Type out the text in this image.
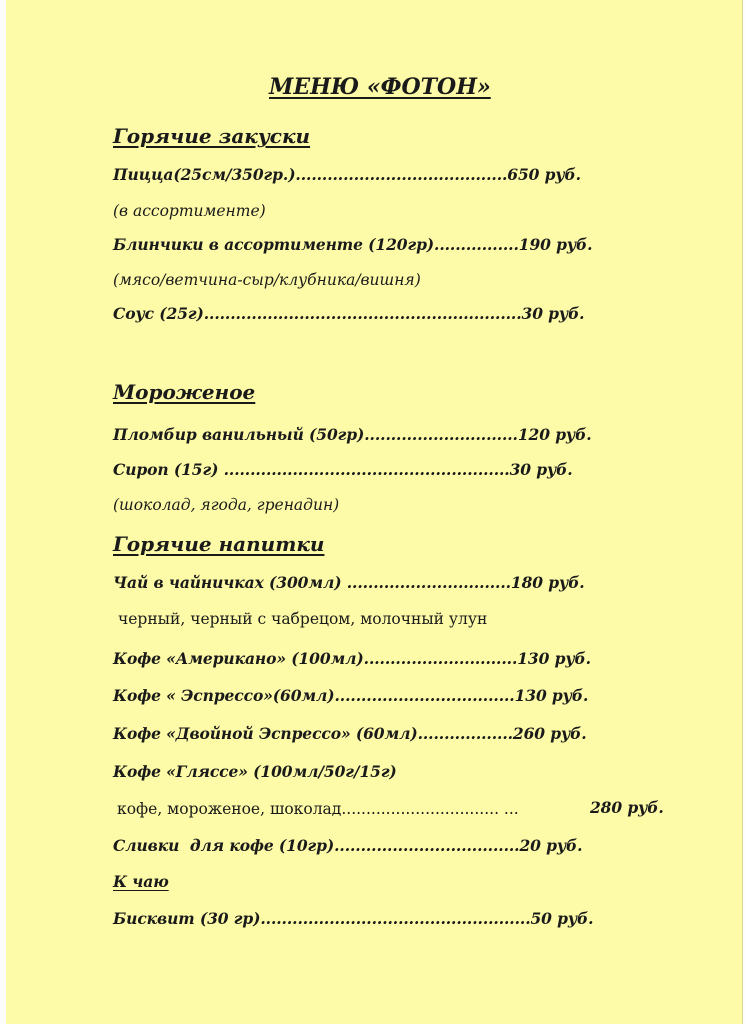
МЕНЮ «ФОТОН»
Горячие закуски
Пицца(25см/350гр.)........................................650 руб.
(в ассортименте)
Блинчики в ассортименте (120гр)................190 руб.
(мясо/ветчина-сыр/клубника/вишня)
Соус (25г)............................................................30 руб.
Мороженое
Пломбир ванильный (50гр).............................120 руб.
Сироп (15г) ......................................................30 руб.
(шоколад, ягода, гренадин)
Горячие напитки
Чай в чайничках (300мл) ...............................180 руб.
черный, черный с чабрецом, молочный улун
Кофе «Американо» (100мл).............................130 руб.
Кофе « Эспрессо»(60мл)..................................130 руб.
Кофе «Двойной Эспрессо» (60мл)..................260 руб.
Кофе «Гляссе» (100мл/50г/15г)
кофе, мороженое, шоколад................................ ...	280 руб.
Сливки  для кофе (10гр)...................................20 руб.
К чаю
Бисквит (30 гр)...................................................50 руб.
